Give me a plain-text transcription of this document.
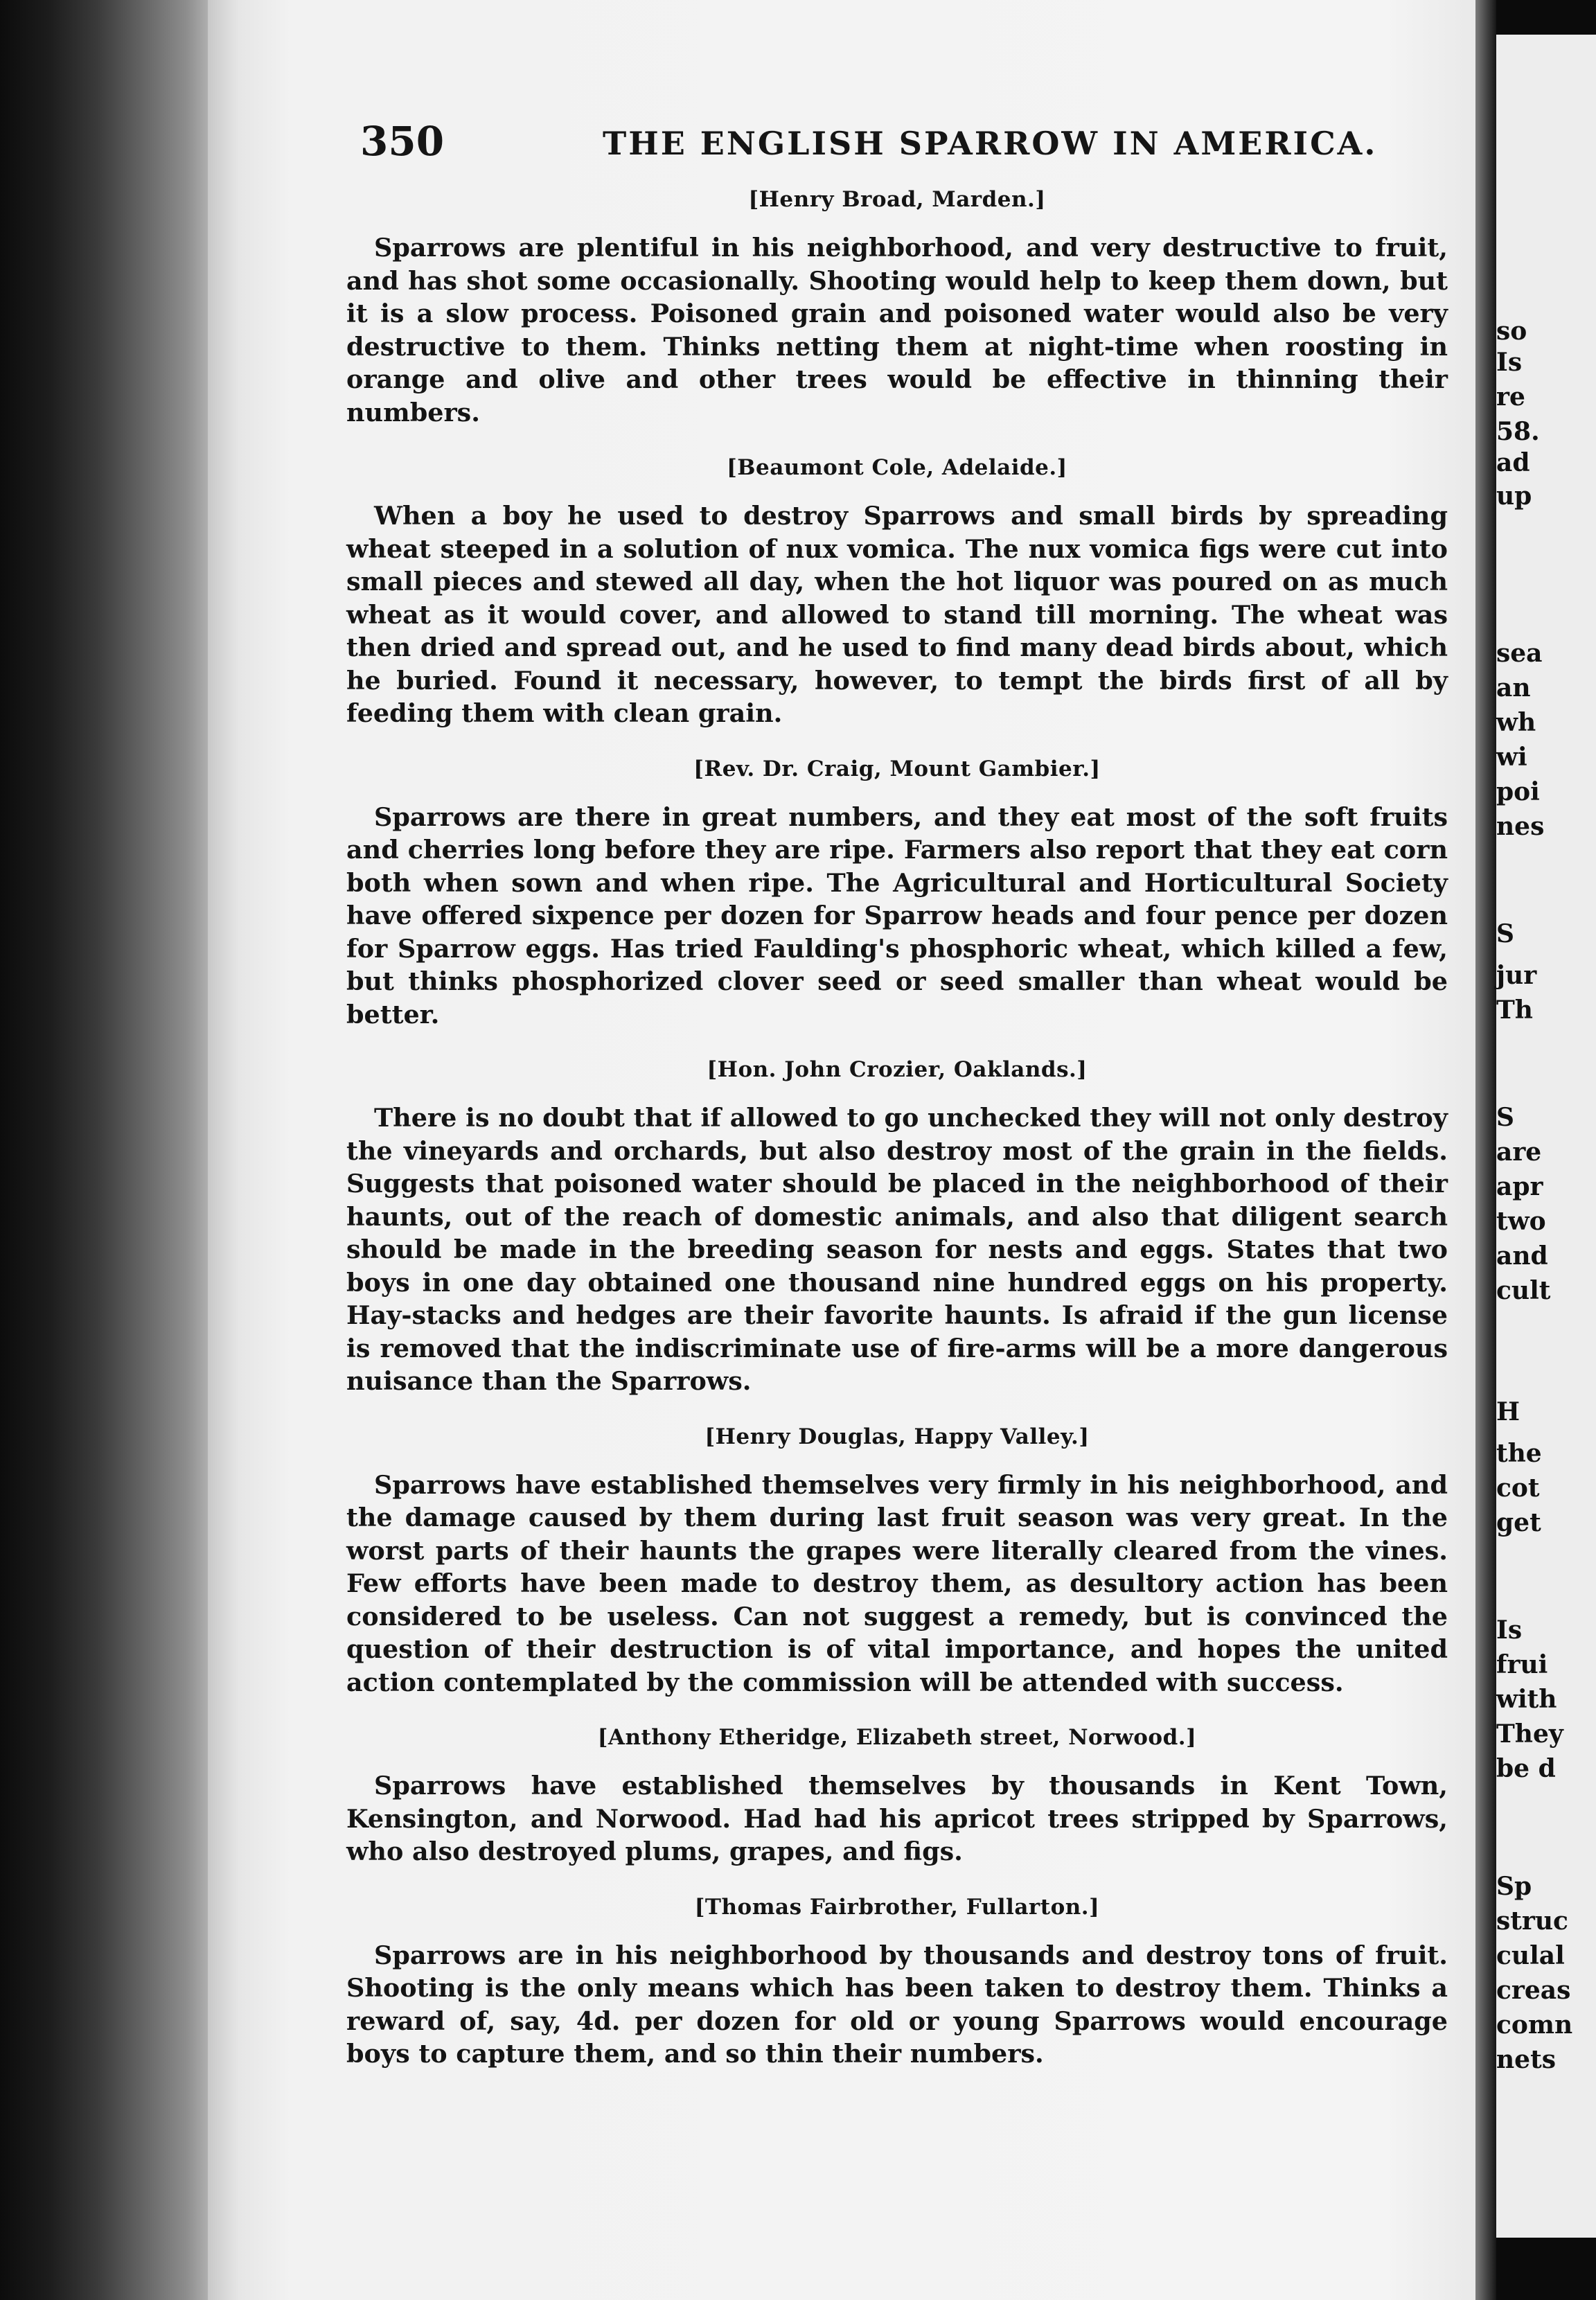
so
Is
re
58.
ad
up
sea
an
wh
wi
poi
nes
S
jur
Th
S
are
apr
two
and
cult
H
the
cot
get
Is
frui
with
They
be d
Sp
struc
culal
creas
comn
nets
350	THE ENGLISH SPARROW IN AMERICA.

[Henry Broad, Marden.]

Sparrows are plentiful in his neighborhood, and very destructive to fruit, and has shot some occasionally. Shooting would help to keep them down, but it is a slow process. Poisoned grain and poisoned water would also be very destructive to them. Thinks netting them at night-time when roosting in orange and olive and other trees would be effective in thinning their numbers.

[Beaumont Cole, Adelaide.]

When a boy he used to destroy Sparrows and small birds by spreading wheat steeped in a solution of nux vomica. The nux vomica figs were cut into small pieces and stewed all day, when the hot liquor was poured on as much wheat as it would cover, and allowed to stand till morning. The wheat was then dried and spread out, and he used to find many dead birds about, which he buried. Found it necessary, however, to tempt the birds first of all by feeding them with clean grain.

[Rev. Dr. Craig, Mount Gambier.]

Sparrows are there in great numbers, and they eat most of the soft fruits and cherries long before they are ripe. Farmers also report that they eat corn both when sown and when ripe. The Agricultural and Horticultural Society have offered sixpence per dozen for Sparrow heads and four pence per dozen for Sparrow eggs. Has tried Faulding's phosphoric wheat, which killed a few, but thinks phosphorized clover seed or seed smaller than wheat would be better.

[Hon. John Crozier, Oaklands.]

There is no doubt that if allowed to go unchecked they will not only destroy the vineyards and orchards, but also destroy most of the grain in the fields. Suggests that poisoned water should be placed in the neighborhood of their haunts, out of the reach of domestic animals, and also that diligent search should be made in the breeding season for nests and eggs. States that two boys in one day obtained one thousand nine hundred eggs on his property. Hay-stacks and hedges are their favorite haunts. Is afraid if the gun license is removed that the indiscriminate use of fire-arms will be a more dangerous nuisance than the Sparrows.

[Henry Douglas, Happy Valley.]

Sparrows have established themselves very firmly in his neighborhood, and the damage caused by them during last fruit season was very great. In the worst parts of their haunts the grapes were literally cleared from the vines. Few efforts have been made to destroy them, as desultory action has been considered to be useless. Can not suggest a remedy, but is convinced the question of their destruction is of vital importance, and hopes the united action contemplated by the commission will be attended with success.

[Anthony Etheridge, Elizabeth street, Norwood.]

Sparrows have established themselves by thousands in Kent Town, Kensington, and Norwood. Had had his apricot trees stripped by Sparrows, who also destroyed plums, grapes, and figs.

[Thomas Fairbrother, Fullarton.]

Sparrows are in his neighborhood by thousands and destroy tons of fruit. Shooting is the only means which has been taken to destroy them. Thinks a reward of, say, 4d. per dozen for old or young Sparrows would encourage boys to capture them, and so thin their numbers.
